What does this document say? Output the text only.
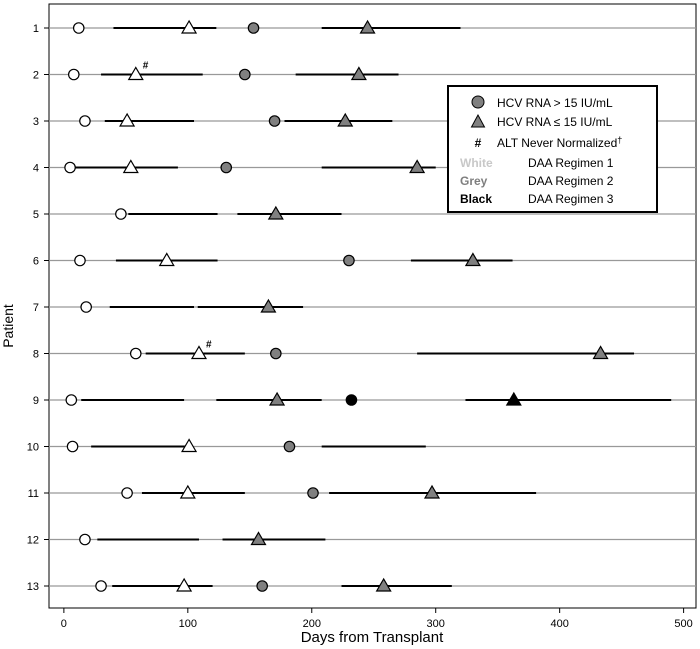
#
#
1
2
3
4
5
6
7
8
9
10
11
12
13
0	100	200	300	400	500
Days from Transplant
Patient
HCV RNA > 15 IU/mL
HCV RNA ≤ 15 IU/mL
# ALT Never Normalized†
White	DAA Regimen 1
Grey	DAA Regimen 2
Black	DAA Regimen 3
